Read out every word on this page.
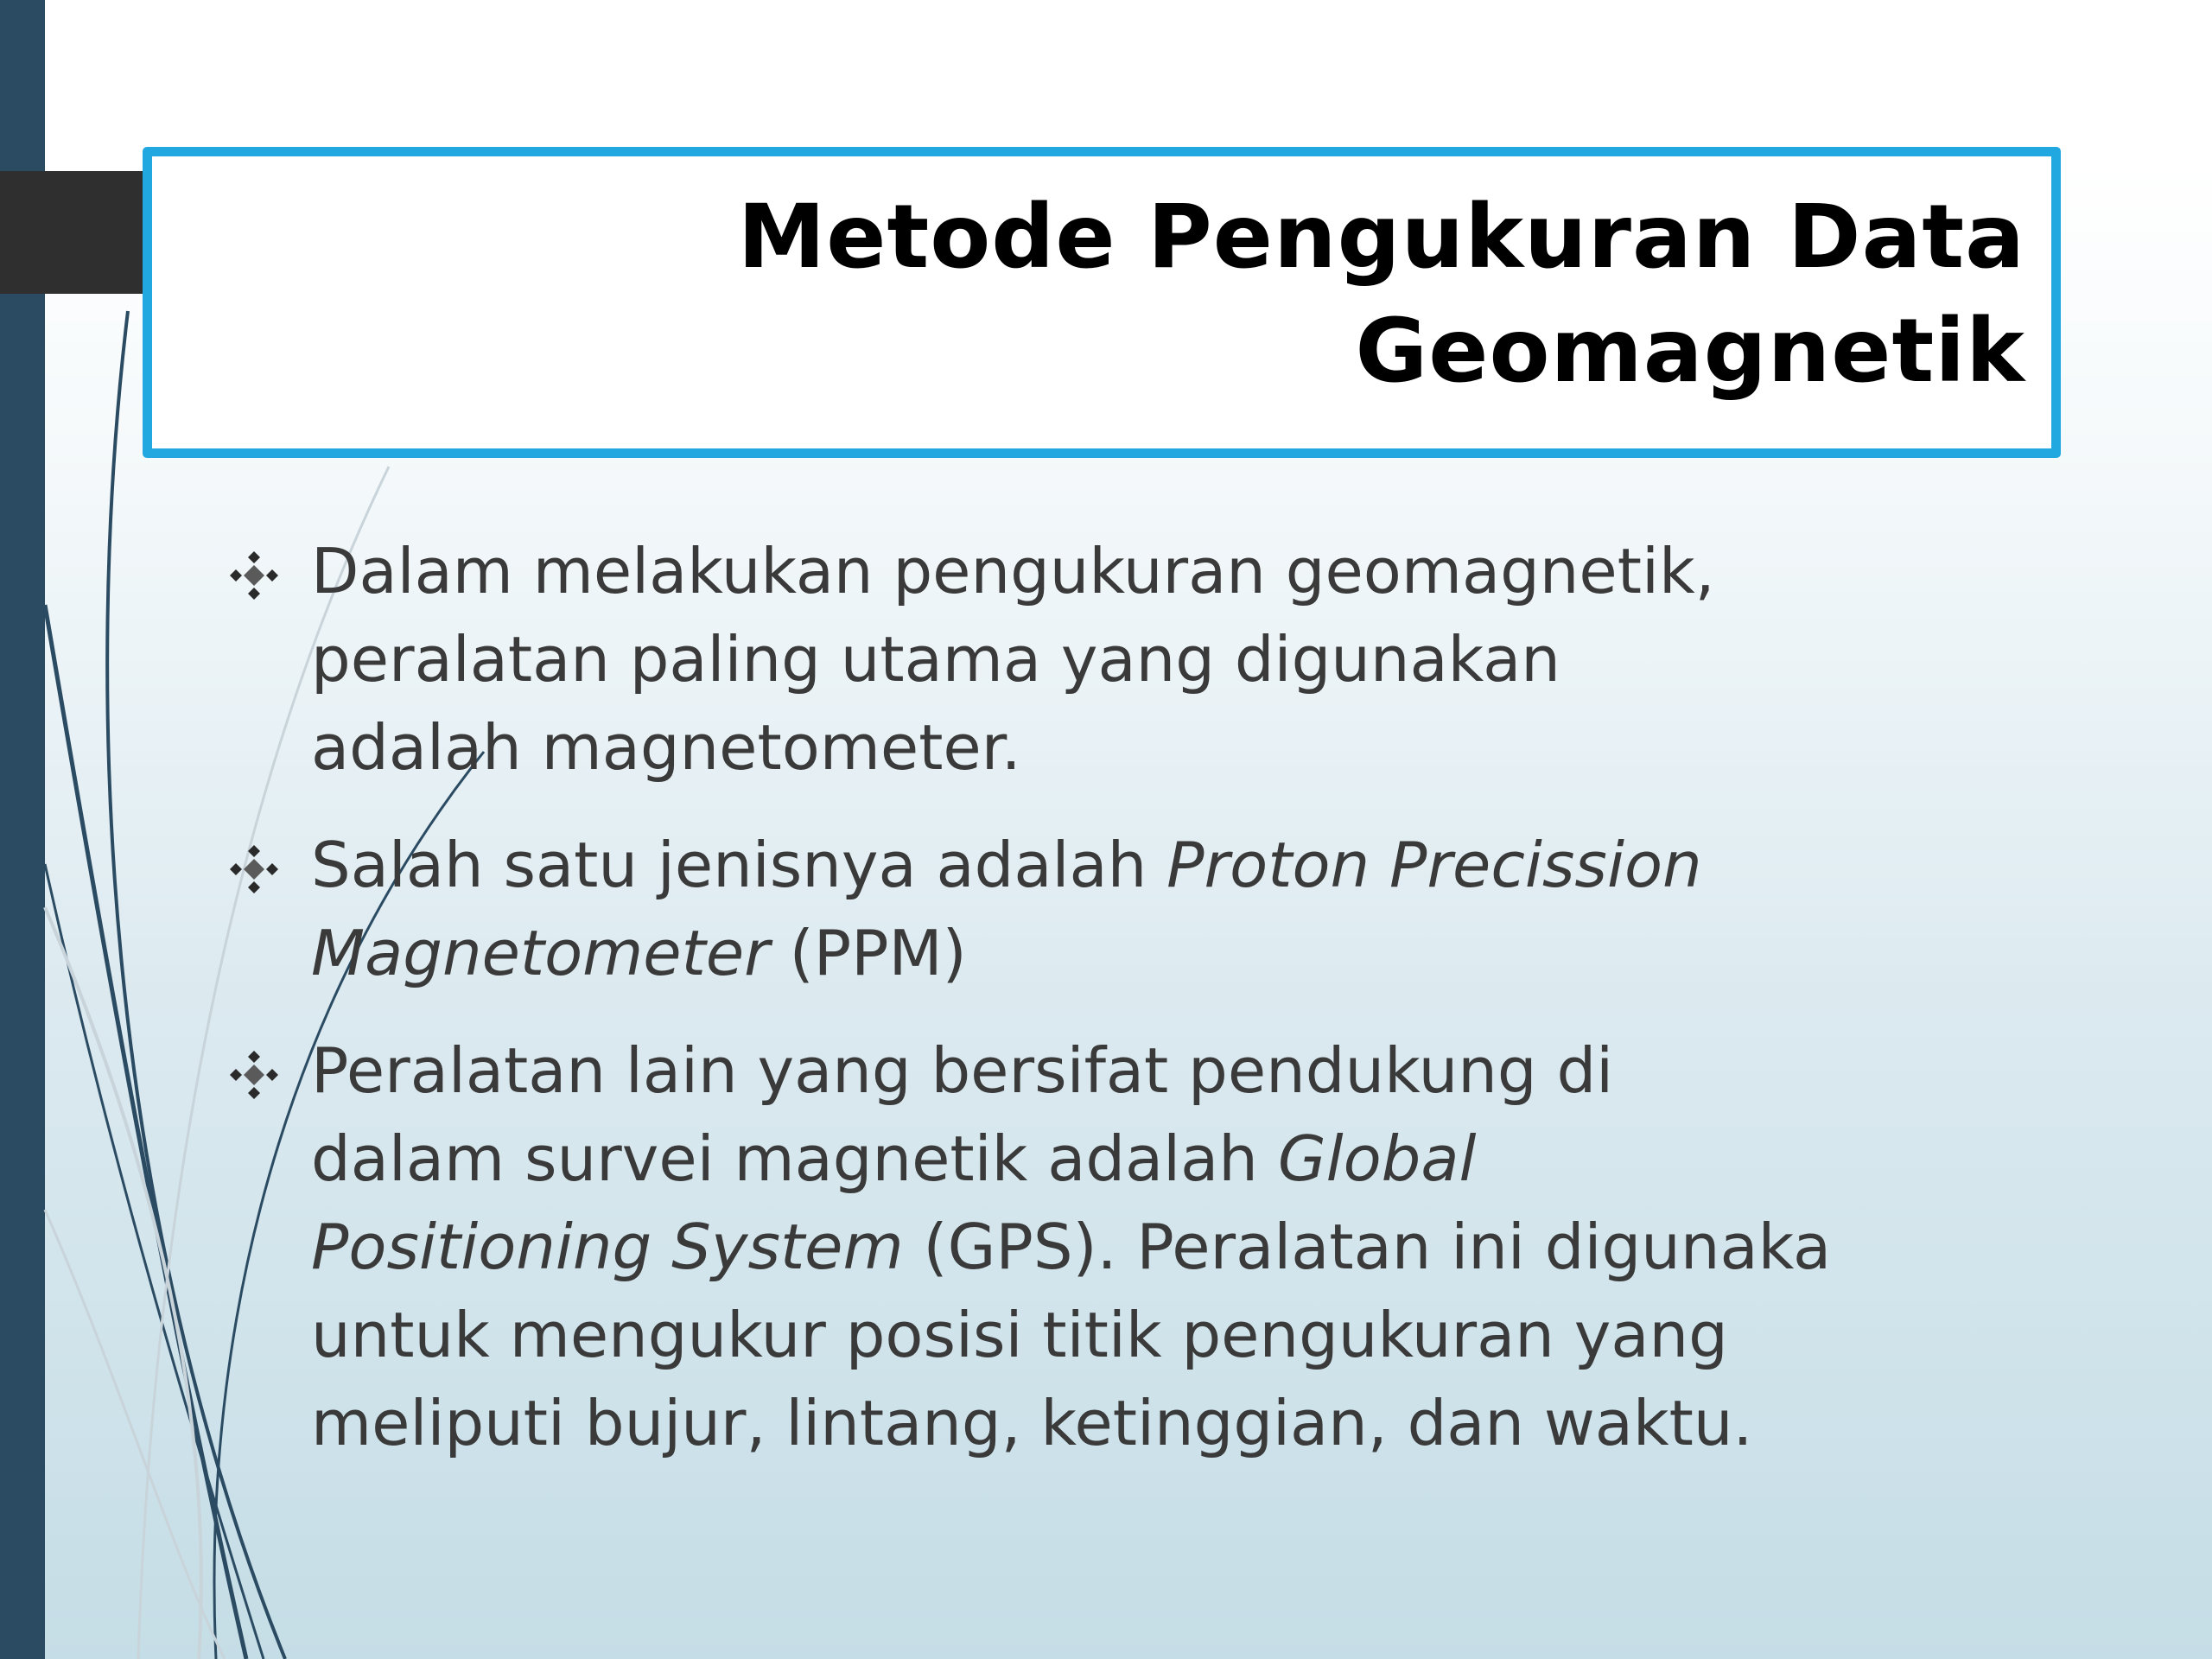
Metode Pengukuran Data
Geomagnetik
Dalam melakukan pengukuran geomagnetik,
peralatan paling utama yang digunakan
adalah magnetometer.
Salah satu jenisnya adalah Proton Precission
Magnetometer (PPM)
Peralatan lain yang bersifat pendukung di
dalam survei magnetik adalah Global
Positioning System (GPS). Peralatan ini digunaka
untuk mengukur posisi titik pengukuran yang
meliputi bujur, lintang, ketinggian, dan waktu.
